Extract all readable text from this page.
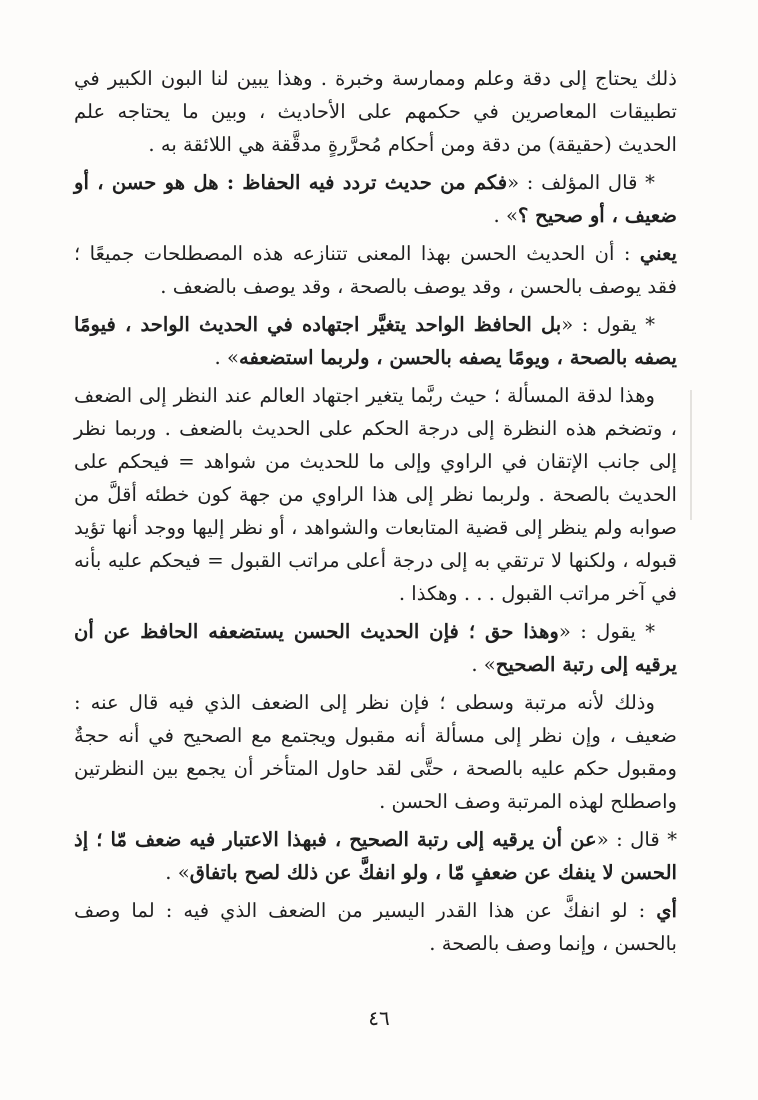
ذلك يحتاج إلى دقة وعلم وممارسة وخبرة . وهذا يبين لنا البون الكبير في تطبيقات المعاصرين في حكمهم على الأحاديث ، وبين ما يحتاجه علم الحديث (حقيقة) من دقة ومن أحكام مُحرَّرةٍ مدقَّقة هي اللائقة به .

* قال المؤلف : «فكم من حديث تردد فيه الحفاظ : هل هو حسن ، أو ضعيف ، أو صحيح ؟» .

يعني : أن الحديث الحسن بهذا المعنى تتنازعه هذه المصطلحات جميعًا ؛ فقد يوصف بالحسن ، وقد يوصف بالصحة ، وقد يوصف بالضعف .

* يقول : «بل الحافظ الواحد يتغيَّر اجتهاده في الحديث الواحد ، فيومًا يصفه بالصحة ، ويومًا يصفه بالحسن ، ولربما استضعفه» .

وهذا لدقة المسألة ؛ حيث ربَّما يتغير اجتهاد العالم عند النظر إلى الضعف ، وتضخم هذه النظرة إلى درجة الحكم على الحديث بالضعف . وربما نظر إلى جانب الإتقان في الراوي وإلى ما للحديث من شواهد = فيحكم على الحديث بالصحة . ولربما نظر إلى هذا الراوي من جهة كون خطئه أقلَّ من صوابه ولم ينظر إلى قضية المتابعات والشواهد ، أو نظر إليها ووجد أنها تؤيد قبوله ، ولكنها لا ترتقي به إلى درجة أعلى مراتب القبول = فيحكم عليه بأنه في آخر مراتب القبول . . . وهكذا .

* يقول : «وهذا حق ؛ فإن الحديث الحسن يستضعفه الحافظ عن أن يرقيه إلى رتبة الصحيح» .

وذلك لأنه مرتبة وسطى ؛ فإن نظر إلى الضعف الذي فيه قال عنه : ضعيف ، وإن نظر إلى مسألة أنه مقبول ويجتمع مع الصحيح في أنه حجةٌ ومقبول حكم عليه بالصحة ، حتَّى لقد حاول المتأخر أن يجمع بين النظرتين واصطلح لهذه المرتبة وصف الحسن .

* قال : «عن أن يرقيه إلى رتبة الصحيح ، فبهذا الاعتبار فيه ضعف مّا ؛ إذ الحسن لا ينفك عن ضعفٍ مّا ، ولو انفكَّ عن ذلك لصح باتفاق» .

أي : لو انفكَّ عن هذا القدر اليسير من الضعف الذي فيه : لما وصف بالحسن ، وإنما وصف بالصحة .

٤٦
